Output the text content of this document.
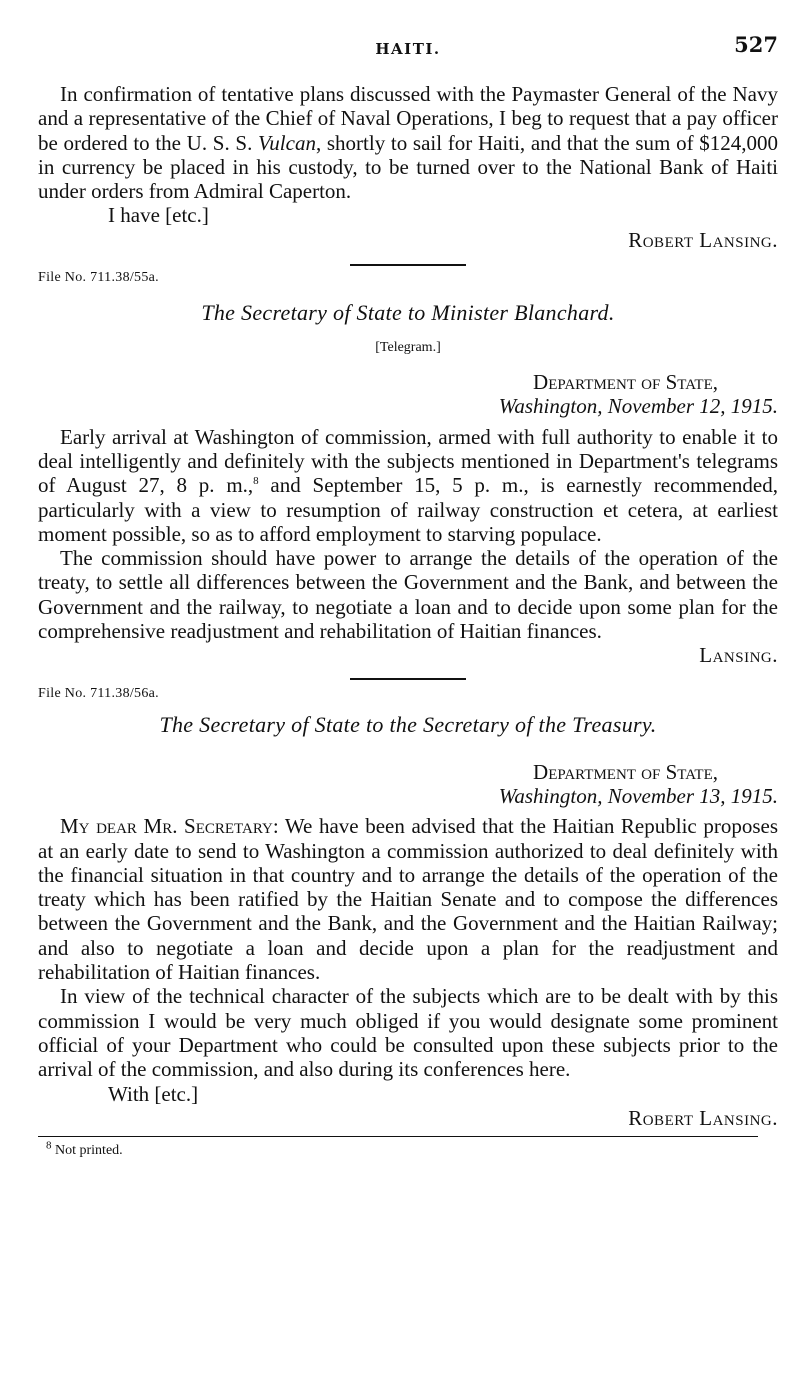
HAITI.	527

In confirmation of tentative plans discussed with the Paymaster General of the Navy and a representative of the Chief of Naval Operations, I beg to request that a pay officer be ordered to the U. S. S. Vulcan, shortly to sail for Haiti, and that the sum of $124,000 in currency be placed in his custody, to be turned over to the National Bank of Haiti under orders from Admiral Caperton.

I have [etc.]

Robert Lansing.

File No. 711.38/55a.

The Secretary of State to Minister Blanchard.

[Telegram.]

Department of State,
Washington, November 12, 1915.

Early arrival at Washington of commission, armed with full authority to enable it to deal intelligently and definitely with the subjects mentioned in Department's telegrams of August 27, 8 p. m.,$^8$ and September 15, 5 p. m., is earnestly recommended, particularly with a view to resumption of railway construction et cetera, at earliest moment possible, so as to afford employment to starving populace.

The commission should have power to arrange the details of the operation of the treaty, to settle all differences between the Government and the Bank, and between the Government and the railway, to negotiate a loan and to decide upon some plan for the comprehensive readjustment and rehabilitation of Haitian finances.

Lansing.

File No. 711.38/56a.

The Secretary of State to the Secretary of the Treasury.

Department of State,
Washington, November 13, 1915.

My dear Mr. Secretary: We have been advised that the Haitian Republic proposes at an early date to send to Washington a commission authorized to deal definitely with the financial situation in that country and to arrange the details of the operation of the treaty which has been ratified by the Haitian Senate and to compose the differences between the Government and the Bank, and the Government and the Haitian Railway; and also to negotiate a loan and decide upon a plan for the readjustment and rehabilitation of Haitian finances.

In view of the technical character of the subjects which are to be dealt with by this commission I would be very much obliged if you would designate some prominent official of your Department who could be consulted upon these subjects prior to the arrival of the commission, and also during its conferences here.

With [etc.]

Robert Lansing.

$^8$ Not printed.
